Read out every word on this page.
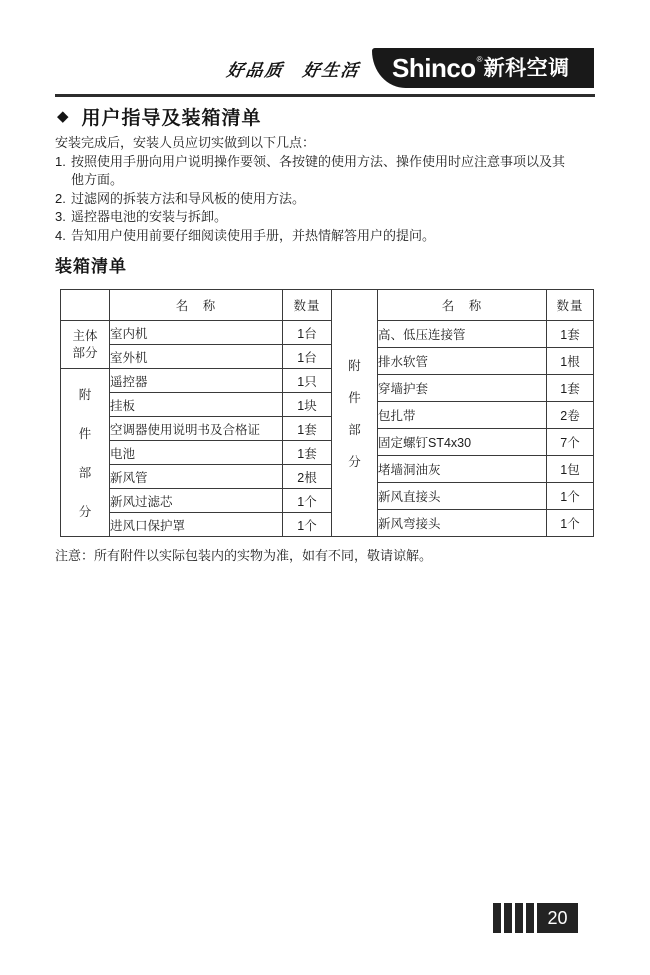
好品质　好生活 Shinco ® 新科空调
◆ 用户指导及装箱清单
安装完成后，安装人员应切实做到以下几点：
1. 按照使用手册向用户说明操作要领、各按键的使用方法、操作使用时应注意事项以及其他方面。
2. 过滤网的拆装方法和导风板的使用方法。
3. 遥控器电池的安装与拆卸。
4. 告知用户使用前要仔细阅读使用手册，并热情解答用户的提问。
装箱清单
	名　称	数量

主体
部分	室内机	1台
	室外机	1台

附
件
部
分	遥控器	1只
	挂板	1块
	空调器使用说明书及合格证	1套
	电池	1套
	新风管	2根
	新风过滤芯	1个
	进风口保护罩	1个
附
件
部
分	名　称	数量
	高、低压连接管	1套
	排水软管	1根
	穿墙护套	1套
	包扎带	2卷
	固定螺钉ST4x30	7个
	堵墙洞油灰	1包
	新风直接头	1个
	新风弯接头	1个
注意：所有附件以实际包装内的实物为准，如有不同，敬请谅解。
20
